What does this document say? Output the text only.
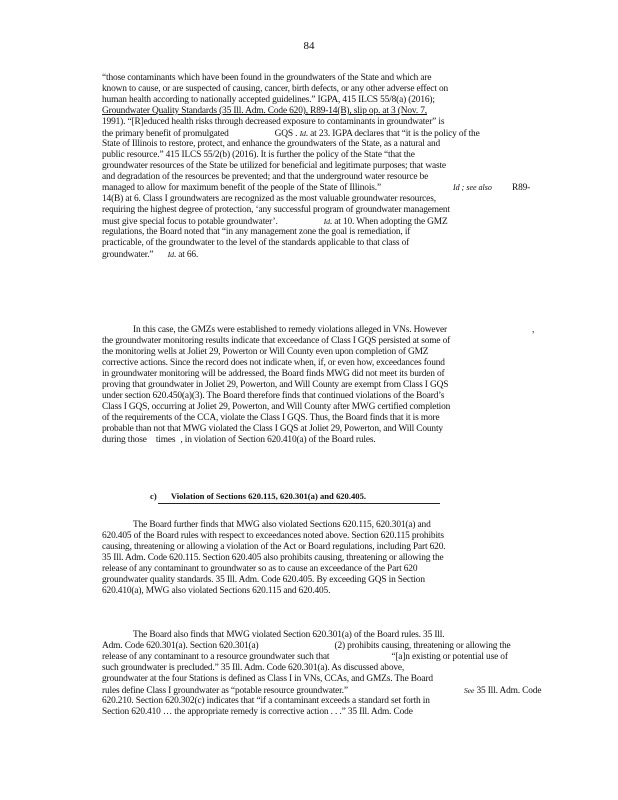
84
“those contaminants which have been found in the groundwaters of the State and which are
known to cause, or are suspected of causing, cancer, birth defects, or any other adverse effect on
human health according to nationally accepted guidelines.” IGPA, 415 ILCS 55/8(a) (2016);
Groundwater Quality Standards (35 Ill. Adm. Code 620), R89-14(B), slip op. at 3 (Nov. 7,
1991). “[R]educed health risks through decreased exposure to contaminants in groundwater” is
the primary benefit of promulgated	GQS . Id. at 23. IGPA declares that “it is the policy of the
State of Illinois to restore, protect, and enhance the groundwaters of the State, as a natural and
public resource.” 415 ILCS 55/2(b) (2016). It is further the policy of the State “that the
groundwater resources of the State be utilized for beneficial and legitimate purposes; that waste
and degradation of the resources be prevented; and that the underground water resource be
managed to allow for maximum benefit of the people of the State of Illinois.”	Id ; see also R89-
14(B) at 6. Class I groundwaters are recognized as the most valuable groundwater resources,
requiring the highest degree of protection, ‘any successful program of groundwater management
must give special focus to potable groundwater’.	Id. at 10. When adopting the GMZ
regulations, the Board noted that “in any management zone the goal is remediation, if
practicable, of the groundwater to the level of the standards applicable to that class of
groundwater.” Id. at 66.
In this case, the GMZs were established to remedy violations alleged in VNs. However	,
the groundwater monitoring results indicate that exceedance of Class I GQS persisted at some of
the monitoring wells at Joliet 29, Powerton or Will County even upon completion of GMZ
corrective actions. Since the record does not indicate when, if, or even how, exceedances found
in groundwater monitoring will be addressed, the Board finds MWG did not meet its burden of
proving that groundwater in Joliet 29, Powerton, and Will County are exempt from Class I GQS
under section 620.450(a)(3). The Board therefore finds that continued violations of the Board’s
Class I GQS, occurring at Joliet 29, Powerton, and Will County after MWG certified completion
of the requirements of the CCA, violate the Class I GQS. Thus, the Board finds that it is more
probable than not that MWG violated the Class I GQS at Joliet 29, Powerton, and Will County
during those times , in violation of Section 620.410(a) of the Board rules.
c) Violation of Sections 620.115, 620.301(a) and 620.405.
The Board further finds that MWG also violated Sections 620.115, 620.301(a) and
620.405 of the Board rules with respect to exceedances noted above. Section 620.115 prohibits
causing, threatening or allowing a violation of the Act or Board regulations, including Part 620.
35 Ill. Adm. Code 620.115. Section 620.405 also prohibits causing, threatening or allowing the
release of any contaminant to groundwater so as to cause an exceedance of the Part 620
groundwater quality standards. 35 Ill. Adm. Code 620.405. By exceeding GQS in Section
620.410(a), MWG also violated Sections 620.115 and 620.405.
The Board also finds that MWG violated Section 620.301(a) of the Board rules. 35 Ill.
Adm. Code 620.301(a). Section 620.301(a)	(2) prohibits causing, threatening or allowing the
release of any contaminant to a resource groundwater such that	“[a]n existing or potential use of
such groundwater is precluded.” 35 Ill. Adm. Code 620.301(a). As discussed above,
groundwater at the four Stations is defined as Class I in VNs, CCAs, and GMZs. The Board
rules define Class I groundwater as “potable resource groundwater.”	See 35 Ill. Adm. Code
620.210. Section 620.302(c) indicates that “if a contaminant exceeds a standard set forth in
Section 620.410 … the appropriate remedy is corrective action . . .” 35 Ill. Adm. Code
